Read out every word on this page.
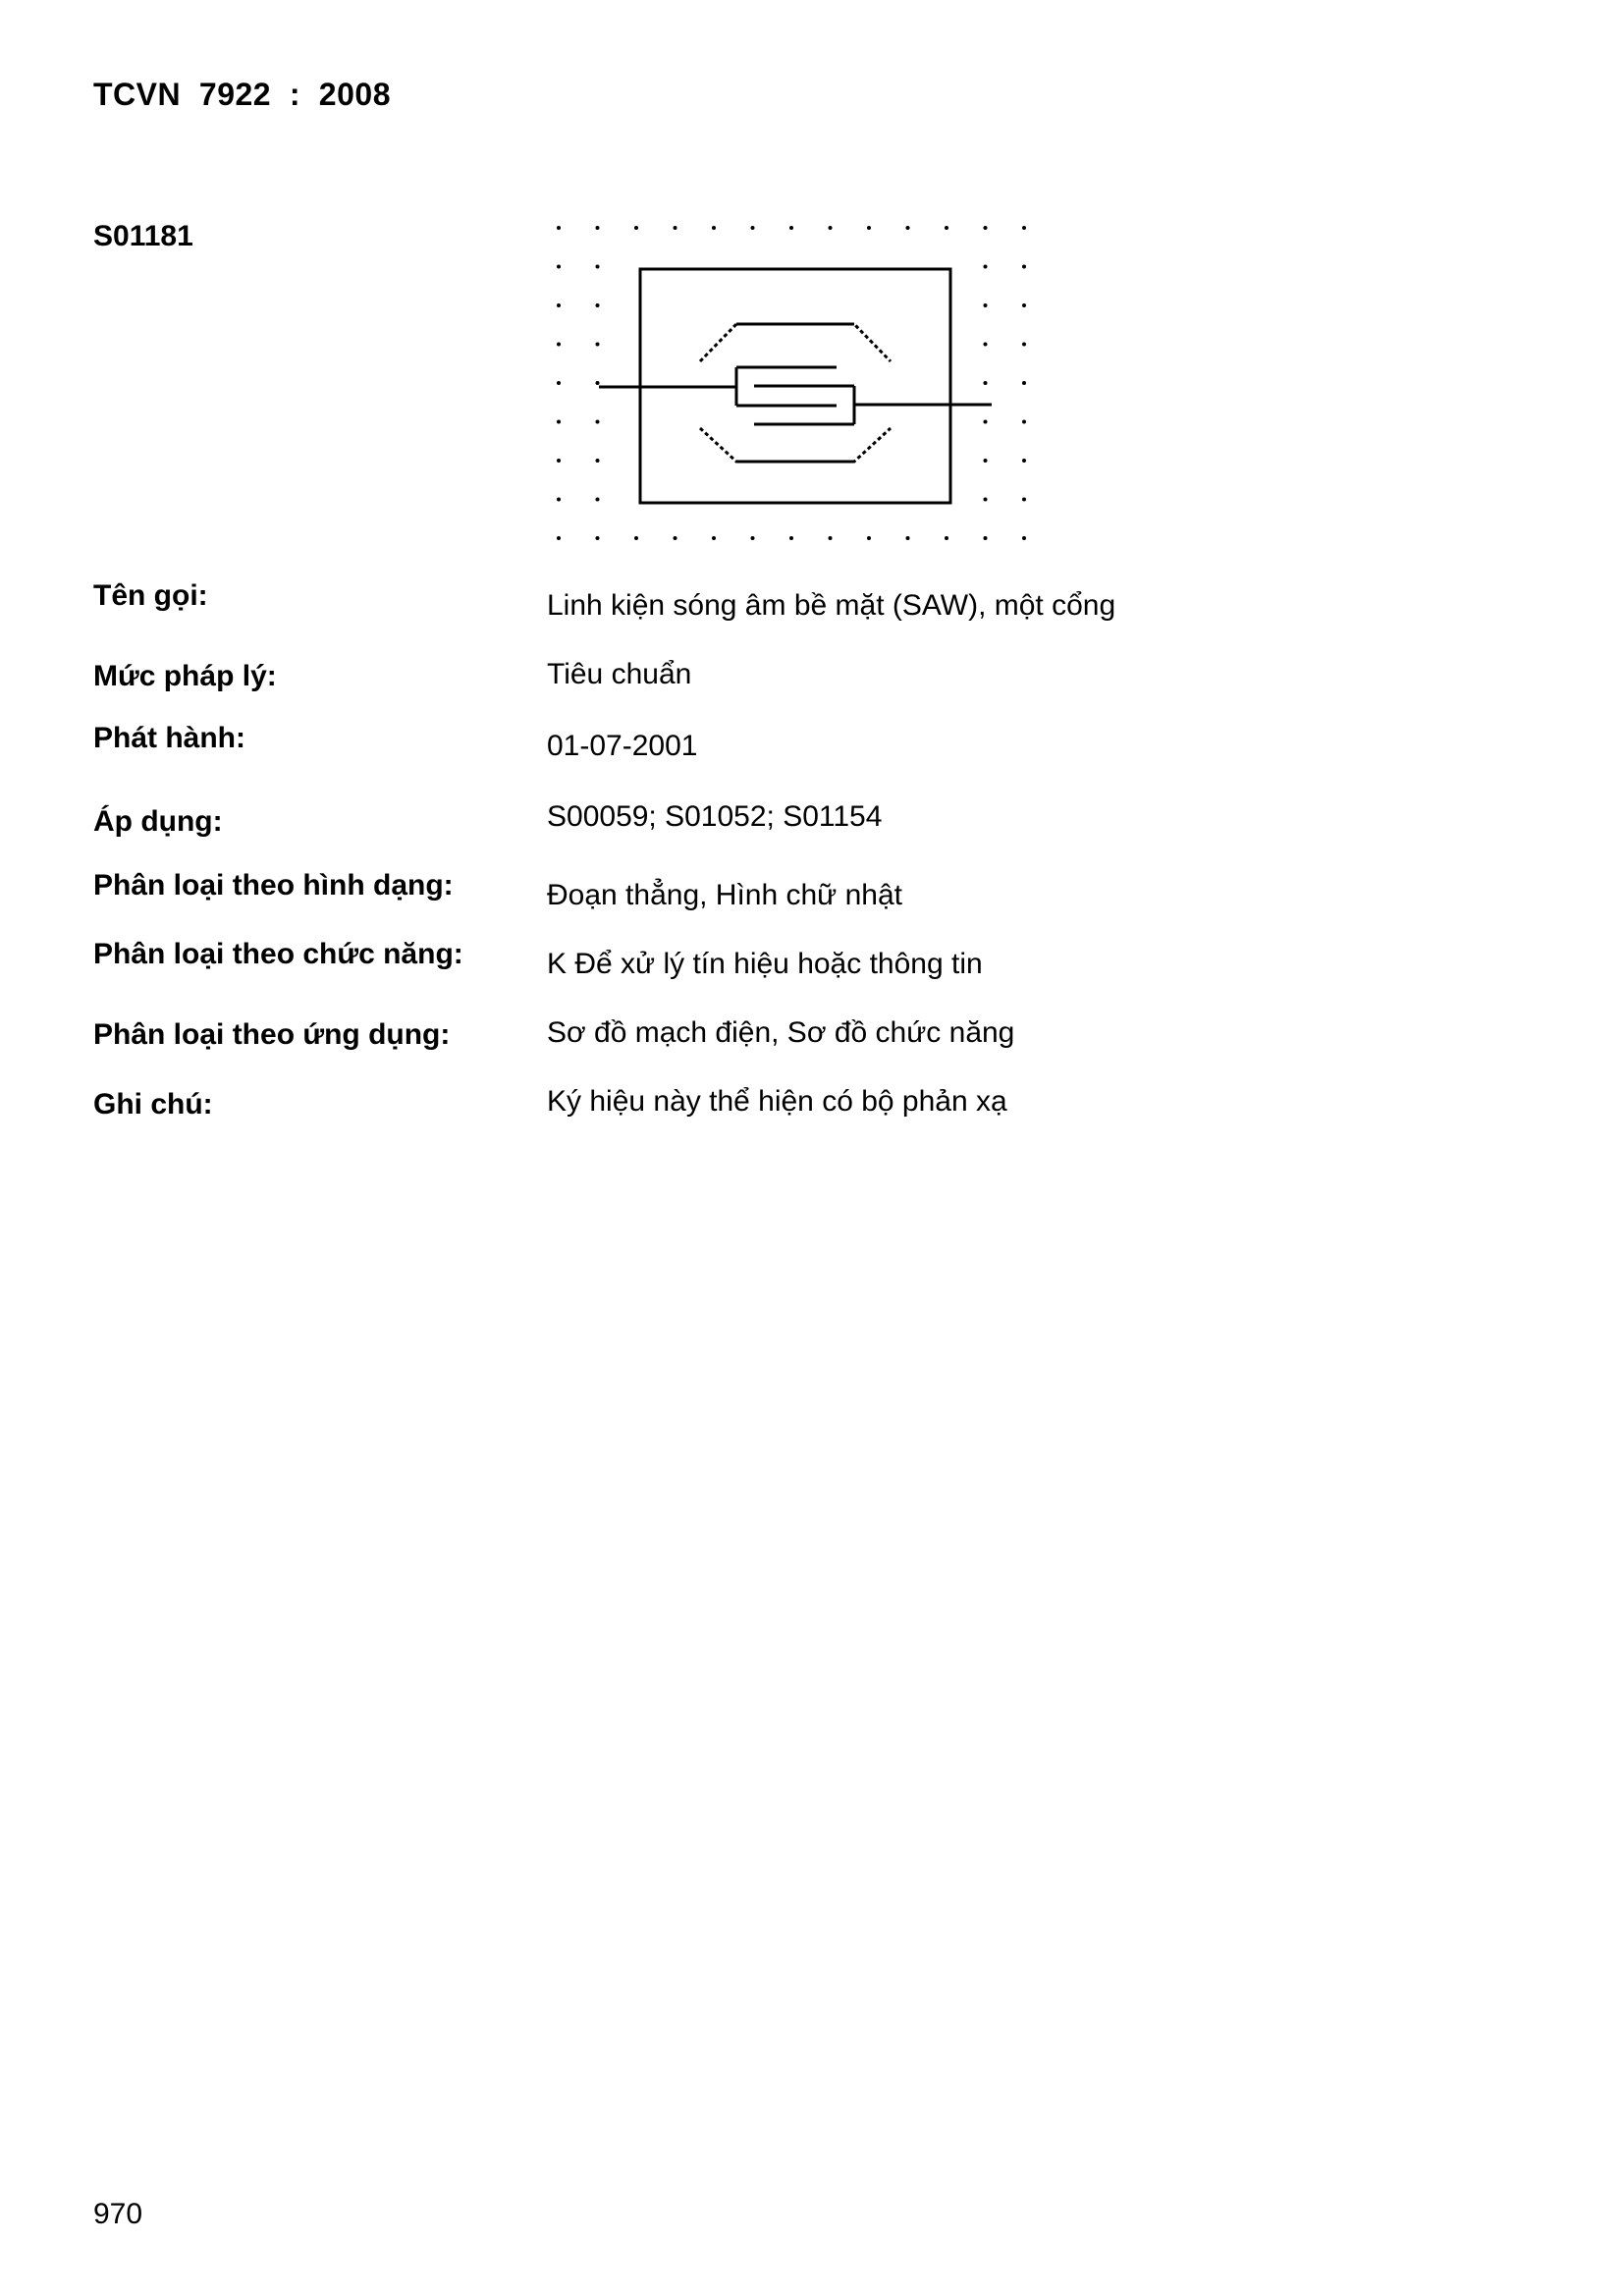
TCVN  7922  :  2008
S01181
Tên gọi:	Linh kiện sóng âm bề mặt (SAW), một cổng
Mức pháp lý:	Tiêu chuẩn
Phát hành:	01-07-2001
Áp dụng:	S00059; S01052; S01154
Phân loại theo hình dạng:	Đoạn thẳng, Hình chữ nhật
Phân loại theo chức năng:	K Để xử lý tín hiệu hoặc thông tin
Phân loại theo ứng dụng:	Sơ đồ mạch điện, Sơ đồ chức năng
Ghi chú:	Ký hiệu này thể hiện có bộ phản xạ
970
